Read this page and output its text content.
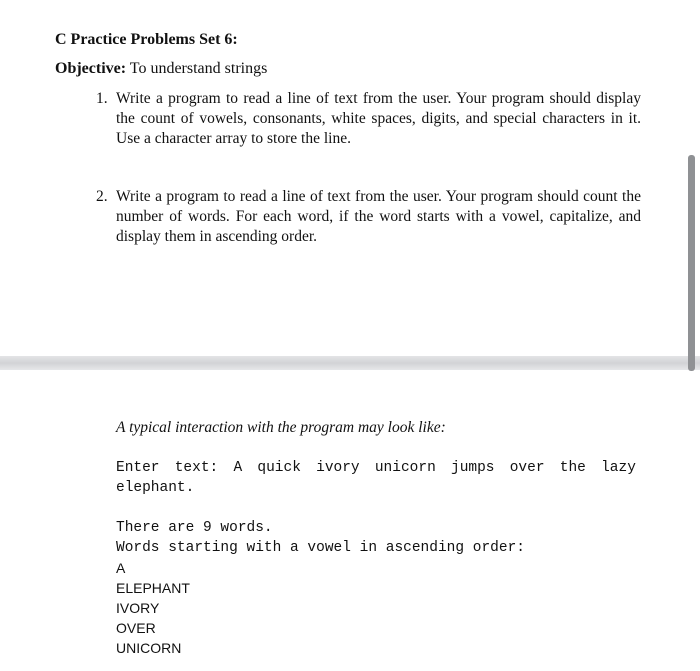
C Practice Problems Set 6:

Objective: To understand strings

1. Write a program to read a line of text from the user. Your program should display the count of vowels, consonants, white spaces, digits, and special characters in it. Use a character array to store the line.
2. Write a program to read a line of text from the user. Your program should count the number of words. For each word, if the word starts with a vowel, capitalize, and display them in ascending order.

A typical interaction with the program may look like:

Enter text: A quick ivory unicorn jumps over the lazy
elephant.
There are 9 words.
Words starting with a vowel in ascending order:
A
ELEPHANT
IVORY
OVER
UNICORN
